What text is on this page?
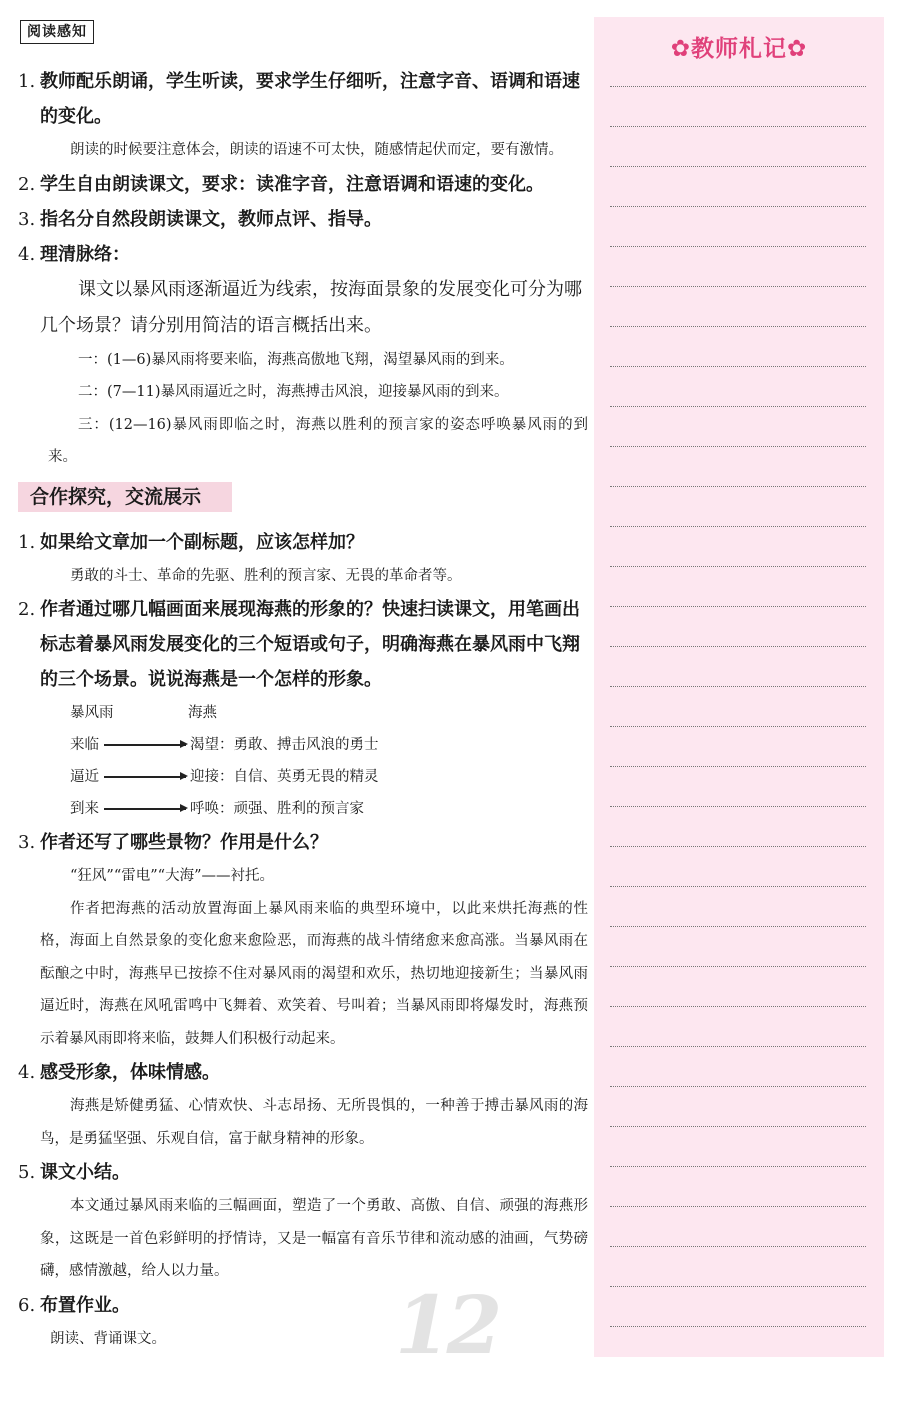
阅读感知
1. 教师配乐朗诵，学生听读，要求学生仔细听，注意字音、语调和语速的变化。
朗读的时候要注意体会，朗读的语速不可太快，随感情起伏而定，要有激情。
2. 学生自由朗读课文，要求：读准字音，注意语调和语速的变化。
3. 指名分自然段朗读课文，教师点评、指导。
4. 理清脉络：
课文以暴风雨逐渐逼近为线索，按海面景象的发展变化可分为哪几个场景？请分别用简洁的语言概括出来。
一：(1—6)暴风雨将要来临，海燕高傲地飞翔，渴望暴风雨的到来。
二：(7—11)暴风雨逼近之时，海燕搏击风浪，迎接暴风雨的到来。
三：(12—16)暴风雨即临之时，海燕以胜利的预言家的姿态呼唤暴风雨的到来。
合作探究，交流展示
1. 如果给文章加一个副标题，应该怎样加？
勇敢的斗士、革命的先驱、胜利的预言家、无畏的革命者等。
2. 作者通过哪几幅画面来展现海燕的形象的？快速扫读课文，用笔画出标志着暴风雨发展变化的三个短语或句子，明确海燕在暴风雨中飞翔的三个场景。说说海燕是一个怎样的形象。
暴风雨	海燕
来临	渴望：勇敢、搏击风浪的勇士
逼近	迎接：自信、英勇无畏的精灵
到来	呼唤：顽强、胜利的预言家
3. 作者还写了哪些景物？作用是什么？
“狂风”“雷电”“大海”——衬托。
作者把海燕的活动放置海面上暴风雨来临的典型环境中，以此来烘托海燕的性格，海面上自然景象的变化愈来愈险恶，而海燕的战斗情绪愈来愈高涨。当暴风雨在酝酿之中时，海燕早已按捺不住对暴风雨的渴望和欢乐，热切地迎接新生；当暴风雨逼近时，海燕在风吼雷鸣中飞舞着、欢笑着、号叫着；当暴风雨即将爆发时，海燕预示着暴风雨即将来临，鼓舞人们积极行动起来。
4. 感受形象，体味情感。
海燕是矫健勇猛、心情欢快、斗志昂扬、无所畏惧的，一种善于搏击暴风雨的海鸟，是勇猛坚强、乐观自信，富于献身精神的形象。
5. 课文小结。
本文通过暴风雨来临的三幅画面，塑造了一个勇敢、高傲、自信、顽强的海燕形象，这既是一首色彩鲜明的抒情诗，又是一幅富有音乐节律和流动感的油画，气势磅礴，感情激越，给人以力量。
6. 布置作业。
朗读、背诵课文。	12
✿教师札记✿
